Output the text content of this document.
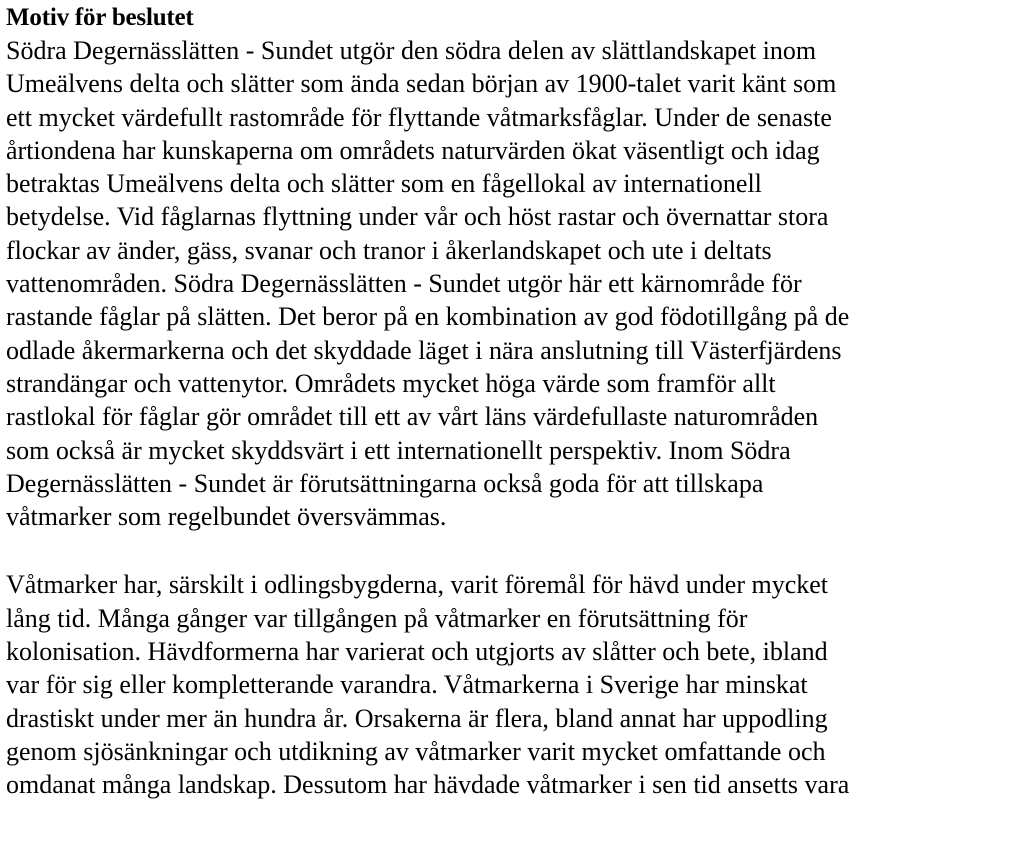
Motiv för beslutet
Södra Degernässlätten - Sundet utgör den södra delen av slättlandskapet inom
Umeälvens delta och slätter som ända sedan början av 1900-talet varit känt som
ett mycket värdefullt rastområde för flyttande våtmarksfåglar. Under de senaste
årtiondena har kunskaperna om områdets naturvärden ökat väsentligt och idag
betraktas Umeälvens delta och slätter som en fågellokal av internationell
betydelse. Vid fåglarnas flyttning under vår och höst rastar och övernattar stora
flockar av änder, gäss, svanar och tranor i åkerlandskapet och ute i deltats
vattenområden. Södra Degernässlätten - Sundet utgör här ett kärnområde för
rastande fåglar på slätten. Det beror på en kombination av god födotillgång på de
odlade åkermarkerna och det skyddade läget i nära anslutning till Västerfjärdens
strandängar och vattenytor. Områdets mycket höga värde som framför allt
rastlokal för fåglar gör området till ett av vårt läns värdefullaste naturområden
som också är mycket skyddsvärt i ett internationellt perspektiv. Inom Södra
Degernässlätten - Sundet är förutsättningarna också goda för att tillskapa
våtmarker som regelbundet översvämmas.
Våtmarker har, särskilt i odlingsbygderna, varit föremål för hävd under mycket
lång tid. Många gånger var tillgången på våtmarker en förutsättning för
kolonisation. Hävdformerna har varierat och utgjorts av slåtter och bete, ibland
var för sig eller kompletterande varandra. Våtmarkerna i Sverige har minskat
drastiskt under mer än hundra år. Orsakerna är flera, bland annat har uppodling
genom sjösänkningar och utdikning av våtmarker varit mycket omfattande och
omdanat många landskap. Dessutom har hävdade våtmarker i sen tid ansetts vara
